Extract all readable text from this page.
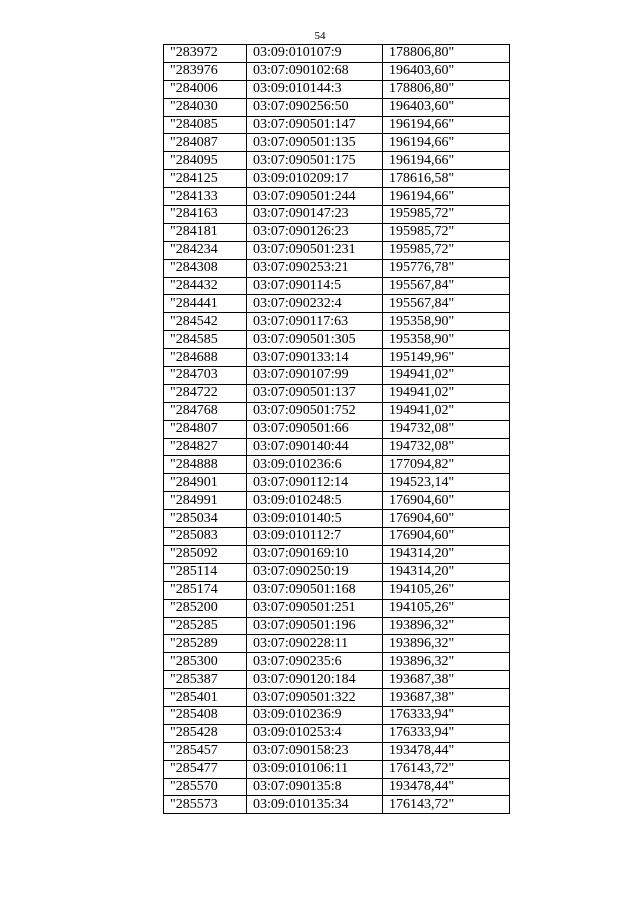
54
"283972	03:09:010107:9	178806,80"
"283976	03:07:090102:68	196403,60"
"284006	03:09:010144:3	178806,80"
"284030	03:07:090256:50	196403,60"
"284085	03:07:090501:147	196194,66"
"284087	03:07:090501:135	196194,66"
"284095	03:07:090501:175	196194,66"
"284125	03:09:010209:17	178616,58"
"284133	03:07:090501:244	196194,66"
"284163	03:07:090147:23	195985,72"
"284181	03:07:090126:23	195985,72"
"284234	03:07:090501:231	195985,72"
"284308	03:07:090253:21	195776,78"
"284432	03:07:090114:5	195567,84"
"284441	03:07:090232:4	195567,84"
"284542	03:07:090117:63	195358,90"
"284585	03:07:090501:305	195358,90"
"284688	03:07:090133:14	195149,96"
"284703	03:07:090107:99	194941,02"
"284722	03:07:090501:137	194941,02"
"284768	03:07:090501:752	194941,02"
"284807	03:07:090501:66	194732,08"
"284827	03:07:090140:44	194732,08"
"284888	03:09:010236:6	177094,82"
"284901	03:07:090112:14	194523,14"
"284991	03:09:010248:5	176904,60"
"285034	03:09:010140:5	176904,60"
"285083	03:09:010112:7	176904,60"
"285092	03:07:090169:10	194314,20"
"285114	03:07:090250:19	194314,20"
"285174	03:07:090501:168	194105,26"
"285200	03:07:090501:251	194105,26"
"285285	03:07:090501:196	193896,32"
"285289	03:07:090228:11	193896,32"
"285300	03:07:090235:6	193896,32"
"285387	03:07:090120:184	193687,38"
"285401	03:07:090501:322	193687,38"
"285408	03:09:010236:9	176333,94"
"285428	03:09:010253:4	176333,94"
"285457	03:07:090158:23	193478,44"
"285477	03:09:010106:11	176143,72"
"285570	03:07:090135:8	193478,44"
"285573	03:09:010135:34	176143,72"
